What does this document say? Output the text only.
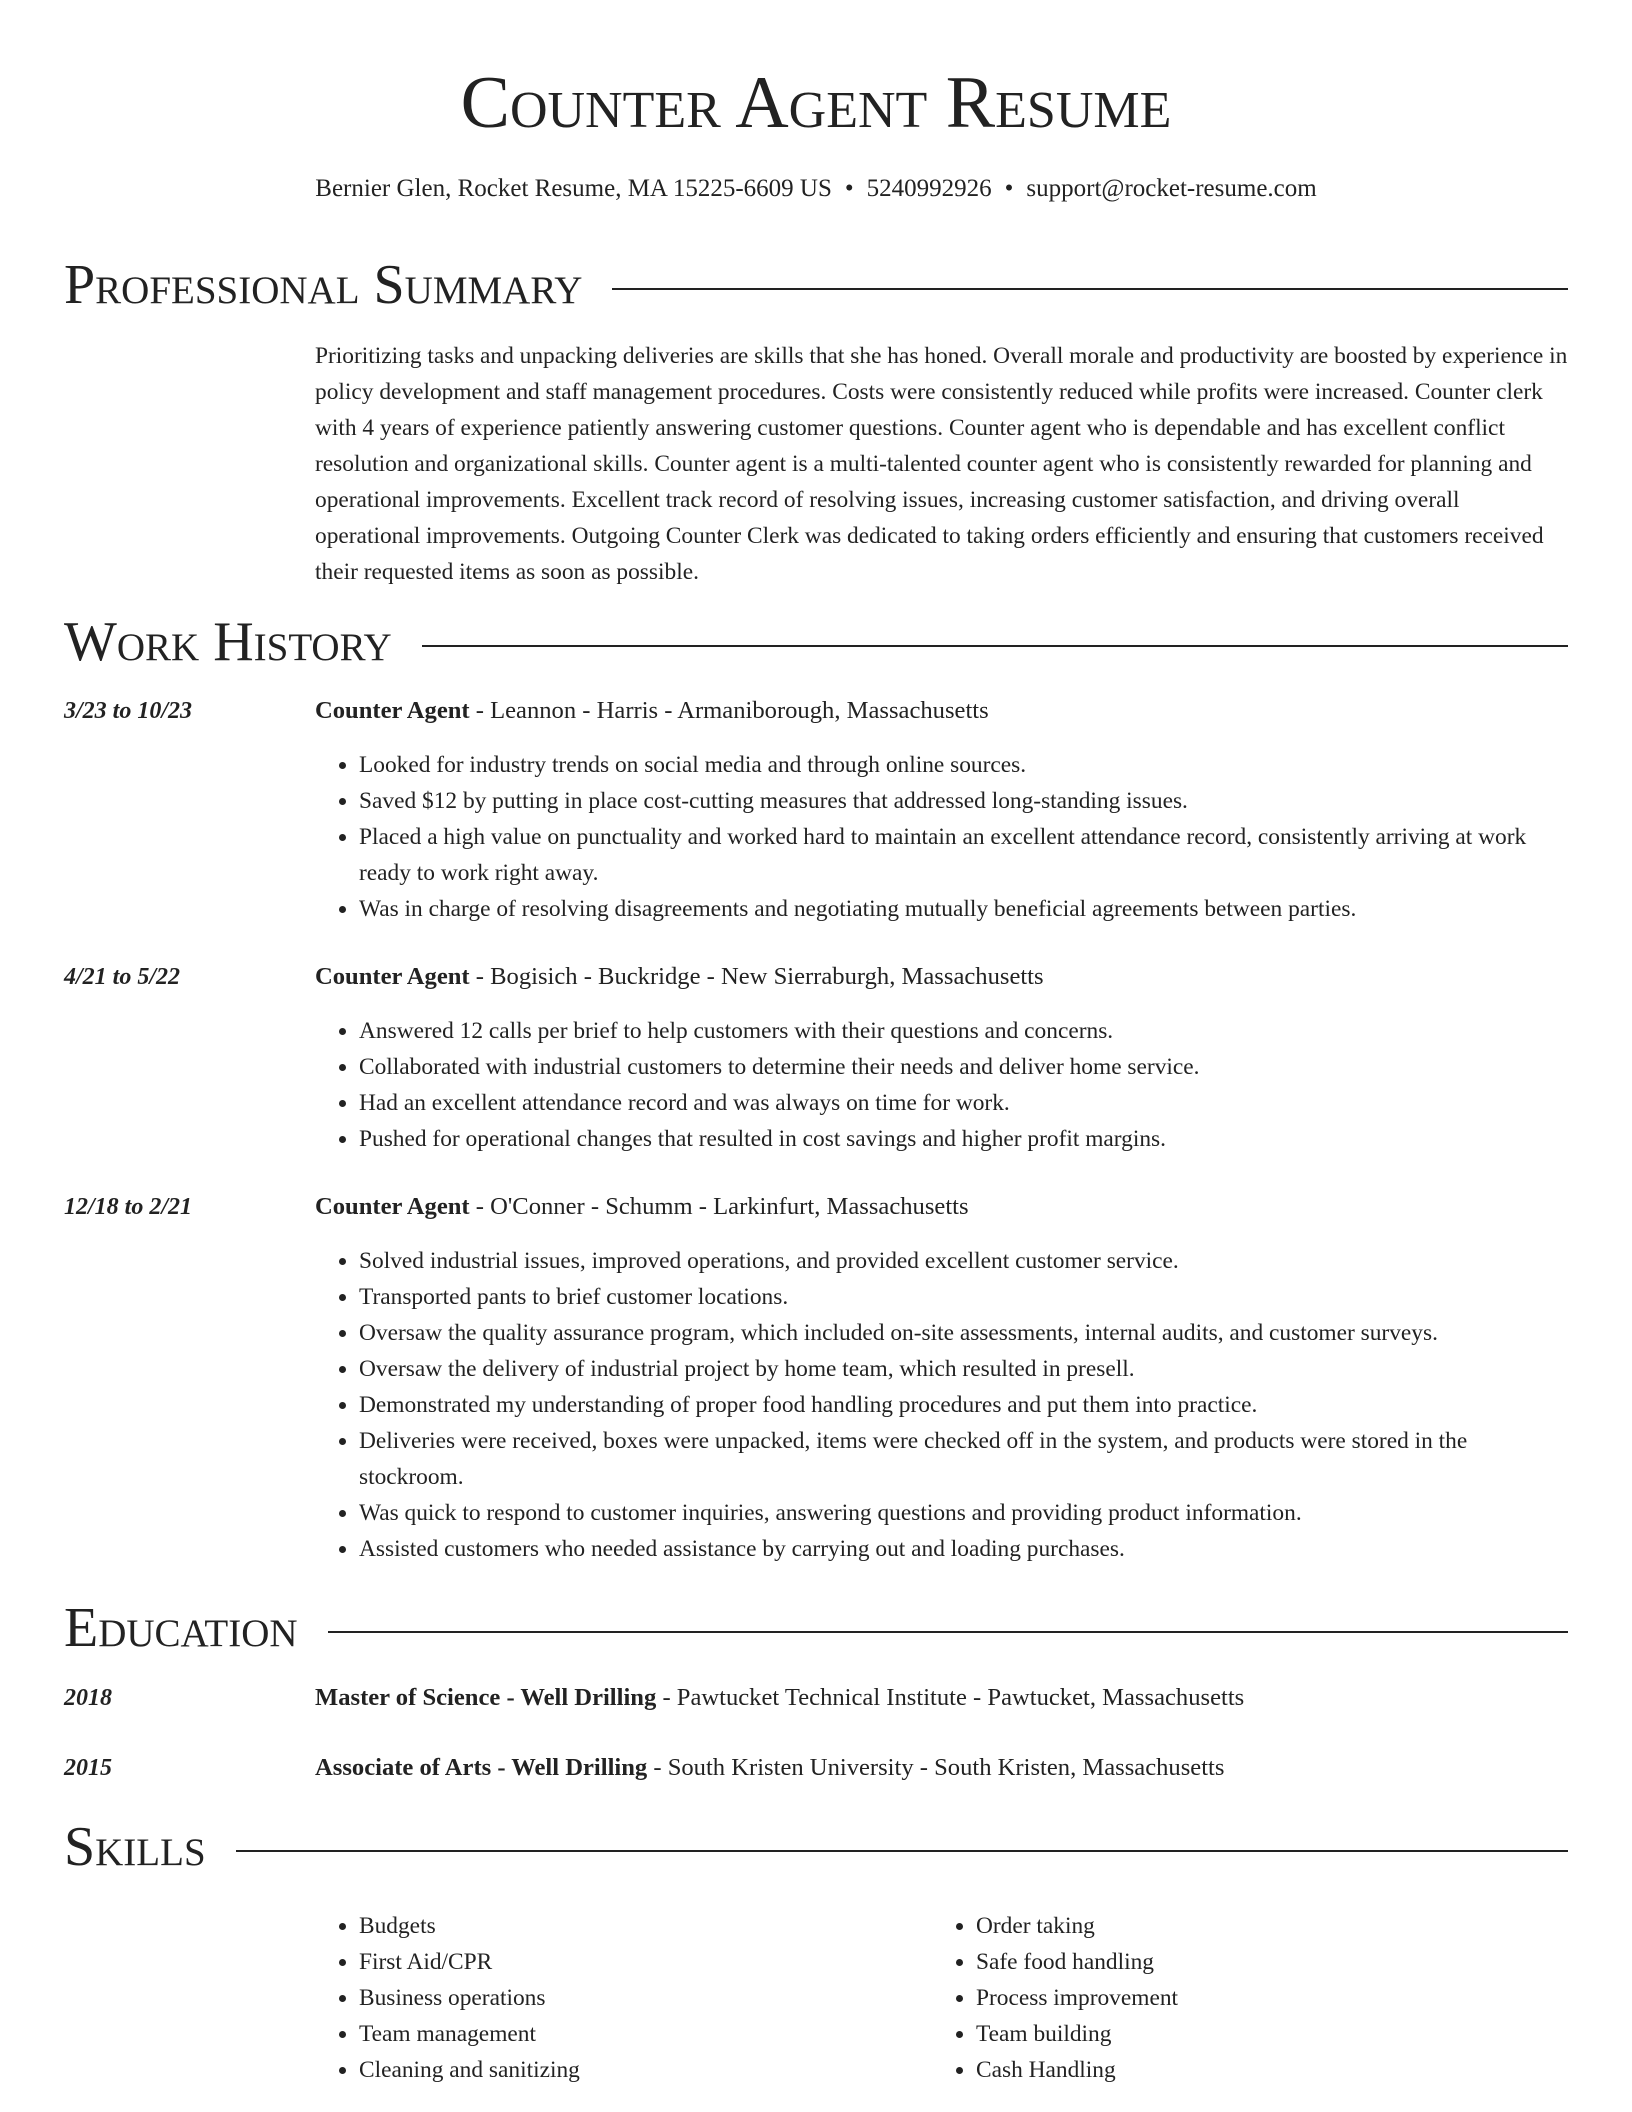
Counter Agent Resume
Bernier Glen, Rocket Resume, MA 15225-6609 US • 5240992926 • support@rocket-resume.com
Professional Summary

Prioritizing tasks and unpacking deliveries are skills that she has honed. Overall morale and productivity are boosted by experience in policy development and staff management procedures. Costs were consistently reduced while profits were increased. Counter clerk with 4 years of experience patiently answering customer questions. Counter agent who is dependable and has excellent conflict resolution and organizational skills. Counter agent is a multi-talented counter agent who is consistently rewarded for planning and operational improvements. Excellent track record of resolving issues, increasing customer satisfaction, and driving overall operational improvements. Outgoing Counter Clerk was dedicated to taking orders efficiently and ensuring that customers received their requested items as soon as possible.

Work History
3/23 to 10/23	Counter Agent - Leannon - Harris - Armaniborough, Massachusetts
• Looked for industry trends on social media and through online sources.
• Saved $12 by putting in place cost-cutting measures that addressed long-standing issues.
• Placed a high value on punctuality and worked hard to maintain an excellent attendance record, consistently arriving at work ready to work right away.
• Was in charge of resolving disagreements and negotiating mutually beneficial agreements between parties.
4/21 to 5/22	Counter Agent - Bogisich - Buckridge - New Sierraburgh, Massachusetts
• Answered 12 calls per brief to help customers with their questions and concerns.
• Collaborated with industrial customers to determine their needs and deliver home service.
• Had an excellent attendance record and was always on time for work.
• Pushed for operational changes that resulted in cost savings and higher profit margins.
12/18 to 2/21	Counter Agent - O'Conner - Schumm - Larkinfurt, Massachusetts
• Solved industrial issues, improved operations, and provided excellent customer service.
• Transported pants to brief customer locations.
• Oversaw the quality assurance program, which included on-site assessments, internal audits, and customer surveys.
• Oversaw the delivery of industrial project by home team, which resulted in presell.
• Demonstrated my understanding of proper food handling procedures and put them into practice.
• Deliveries were received, boxes were unpacked, items were checked off in the system, and products were stored in the stockroom.
• Was quick to respond to customer inquiries, answering questions and providing product information.
• Assisted customers who needed assistance by carrying out and loading purchases.
Education
2018	Master of Science - Well Drilling - Pawtucket Technical Institute - Pawtucket, Massachusetts
2015	Associate of Arts - Well Drilling - South Kristen University - South Kristen, Massachusetts
Skills
• Budgets
• First Aid/CPR
• Business operations
• Team management
• Cleaning and sanitizing
• Order taking
• Safe food handling
• Process improvement
• Team building
• Cash Handling
